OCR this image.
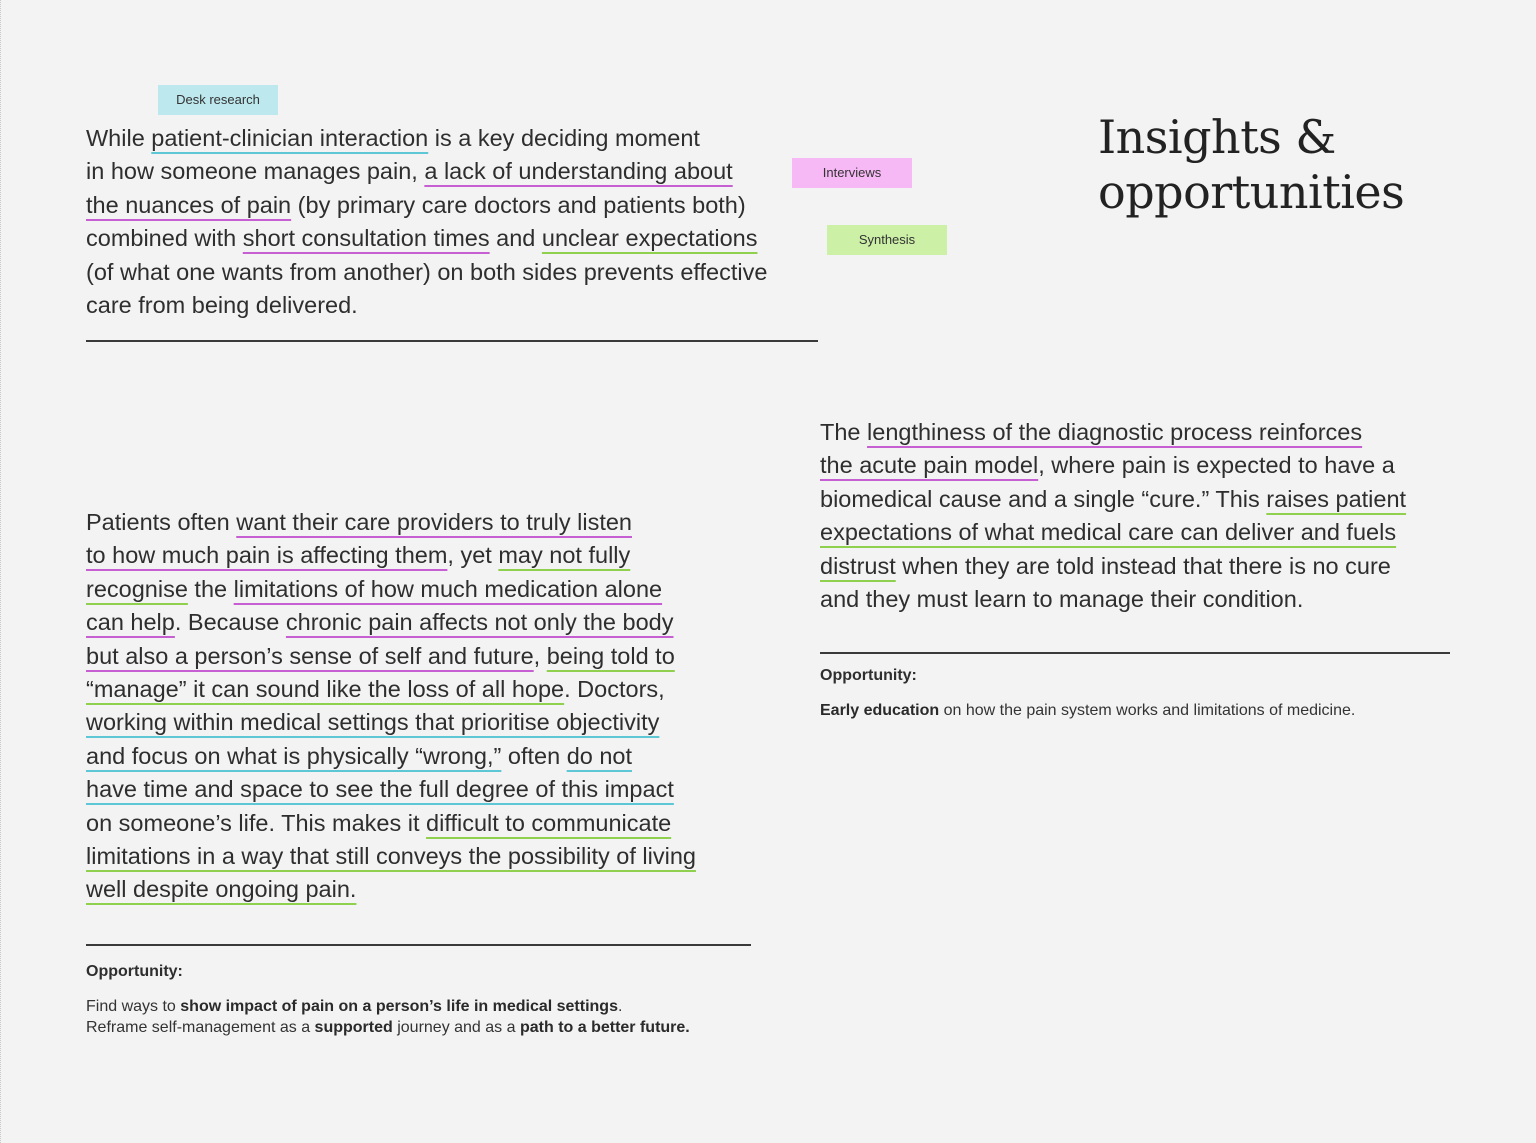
Desk research
Interviews
Synthesis
Insights & opportunities
While patient-clinician interaction is a key deciding moment
in how someone manages pain, a lack of understanding about
the nuances of pain (by primary care doctors and patients both)
combined with short consultation times and unclear expectations
(of what one wants from another) on both sides prevents effective
care from being delivered.
The lengthiness of the diagnostic process reinforces
the acute pain model, where pain is expected to have a
biomedical cause and a single “cure.” This raises patient
expectations of what medical care can deliver and fuels
distrust when they are told instead that there is no cure
and they must learn to manage their condition.
Opportunity:
Early education on how the pain system works and limitations of medicine.
Patients often want their care providers to truly listen
to how much pain is affecting them, yet may not fully
recognise the limitations of how much medication alone
can help. Because chronic pain affects not only the body
but also a person’s sense of self and future, being told to
“manage” it can sound like the loss of all hope. Doctors,
working within medical settings that prioritise objectivity
and focus on what is physically “wrong,” often do not
have time and space to see the full degree of this impact
on someone’s life. This makes it difficult to communicate
limitations in a way that still conveys the possibility of living
well despite ongoing pain.
Opportunity:
Find ways to show impact of pain on a person’s life in medical settings.
Reframe self-management as a supported journey and as a path to a better future.
